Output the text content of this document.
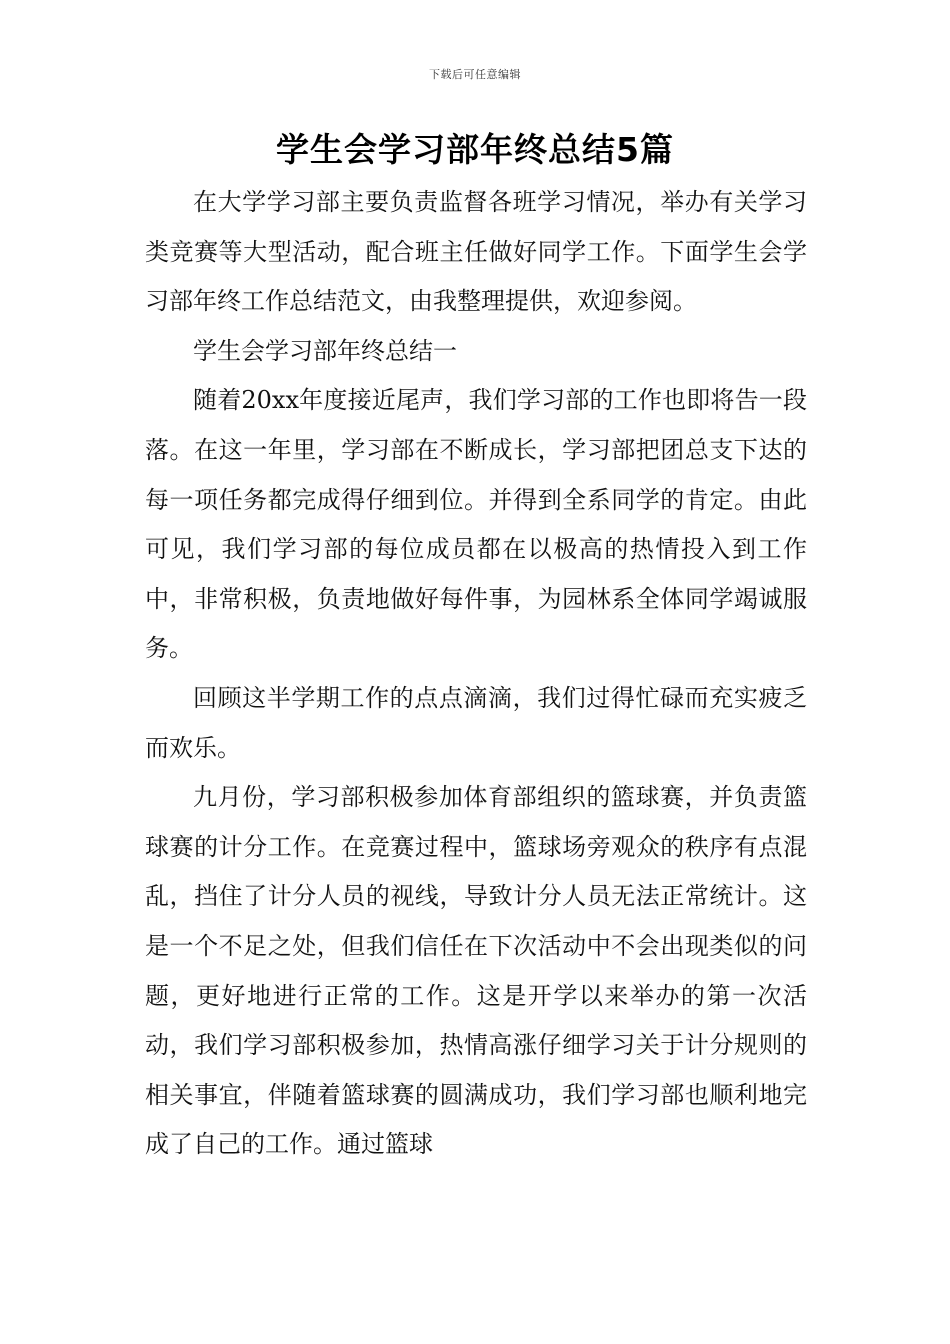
下载后可任意编辑
学生会学习部年终总结5篇

在大学学习部主要负责监督各班学习情况，举办有关学习类竞赛等大型活动，配合班主任做好同学工作。下面学生会学习部年终工作总结范文，由我整理提供，欢迎参阅。

学生会学习部年终总结一

随着20xx年度接近尾声，我们学习部的工作也即将告一段落。在这一年里，学习部在不断成长，学习部把团总支下达的每一项任务都完成得仔细到位。并得到全系同学的肯定。由此可见，我们学习部的每位成员都在以极高的热情投入到工作中，非常积极，负责地做好每件事，为园林系全体同学竭诚服务。

回顾这半学期工作的点点滴滴，我们过得忙碌而充实疲乏而欢乐。

九月份，学习部积极参加体育部组织的篮球赛，并负责篮球赛的计分工作。在竞赛过程中，篮球场旁观众的秩序有点混乱，挡住了计分人员的视线，导致计分人员无法正常统计。这是一个不足之处，但我们信任在下次活动中不会出现类似的问题，更好地进行正常的工作。这是开学以来举办的第一次活动，我们学习部积极参加，热情高涨仔细学习关于计分规则的相关事宜，伴随着篮球赛的圆满成功，我们学习部也顺利地完成了自己的工作。通过篮球
